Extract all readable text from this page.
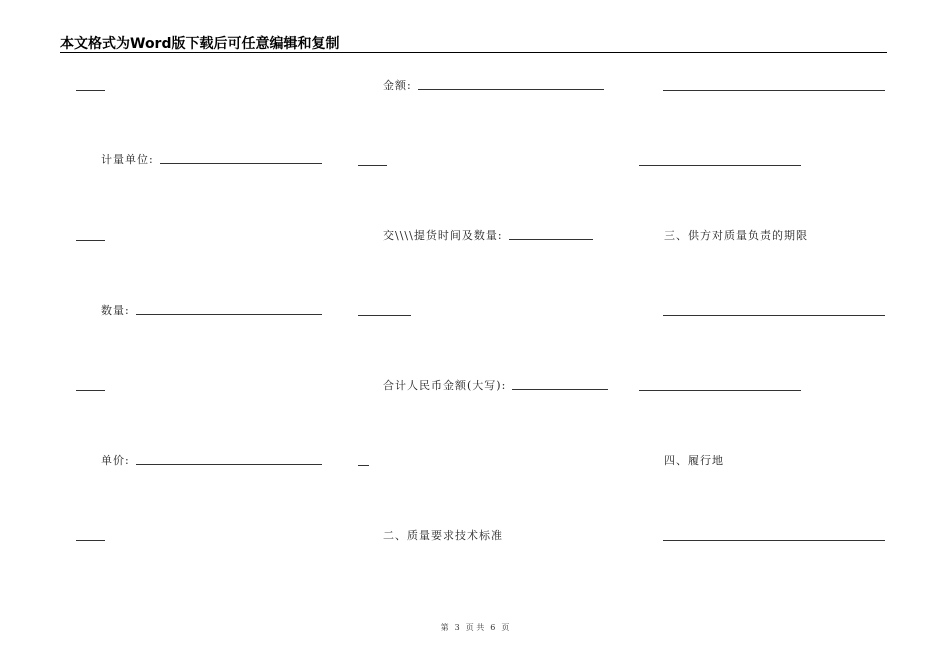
本文格式为Word版下载后可任意编辑和复制
金额:
计量单位:
交\\\\提货时间及数量:	三、供方对质量负责的期限
数量:
合计人民币金额(大写):
单价:	四、履行地
二、质量要求技术标准
第 3 页 共 6 页
